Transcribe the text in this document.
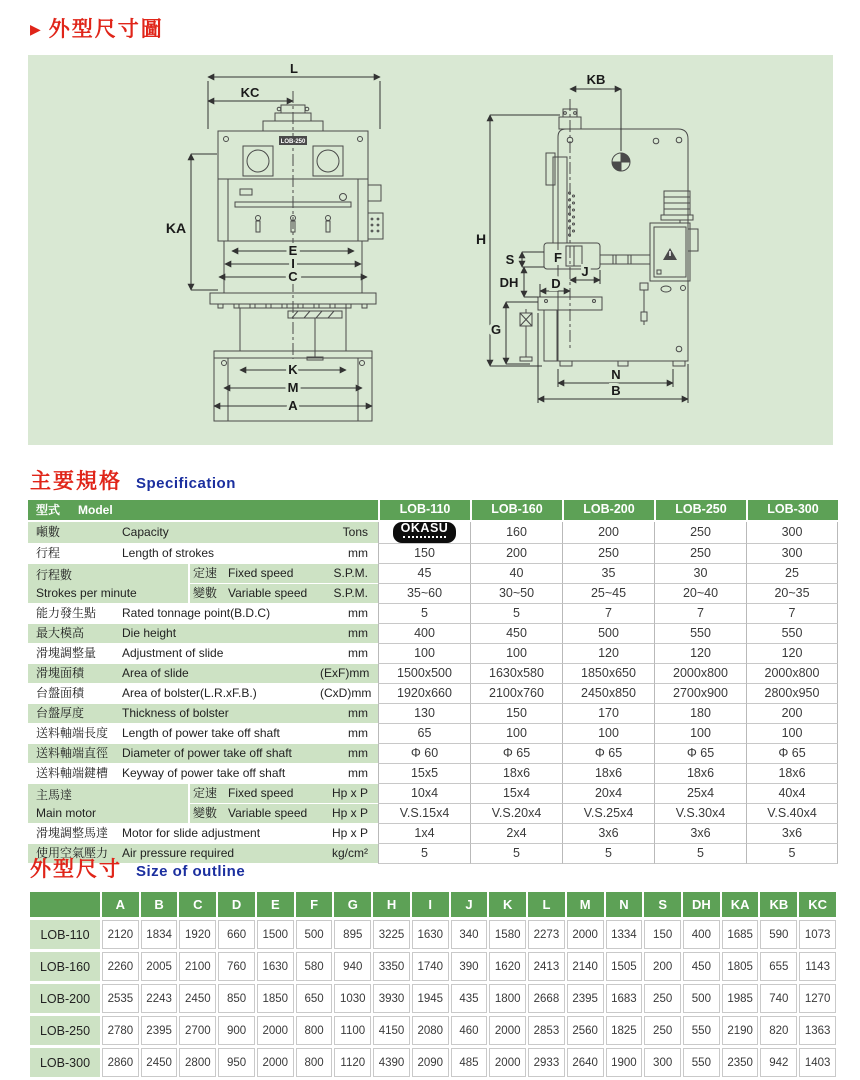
▶ 外型尺寸圖
LOB-250
L
KC
KA
E
I
C
K
M
A
KB
H
S	F
J
DH	D
G
N
B
主要規格 Specification
型式 Model					LOB-110	LOB-160	LOB-200	LOB-250	LOB-300
噸數	Capacity			Tons	OKASU	160	200	250	300
行程	Length of strokes			mm	150	200	250	250	300

行程數
Strokes per minute		定速	Fixed speed	S.P.M.	45	40	35	30	25
		變數	Variable speed	S.P.M.	35~60	30~50	25~45	20~40	20~35
能力發生點	Rated tonnage point(B.D.C)			mm	5	5	7	7	7
最大模高	Die height			mm	400	450	500	550	550
滑塊調整量	Adjustment of slide			mm	100	100	120	120	120
滑塊面積	Area of slide			(ExF)mm	1500x500	1630x580	1850x650	2000x800	2000x800
台盤面積	Area of bolster(L.R.xF.B.)			(CxD)mm	1920x660	2100x760	2450x850	2700x900	2800x950
台盤厚度	Thickness of bolster			mm	130	150	170	180	200
送料軸端長度	Length of power take off shaft			mm	65	100	100	100	100
送料軸端直徑	Diameter of power take off shaft			mm	Φ 60	Φ 65	Φ 65	Φ 65	Φ 65
送料軸端鍵槽	Keyway of power take off shaft			mm	15x5	18x6	18x6	18x6	18x6

主馬達
Main motor		定速	Fixed speed	Hp x P	10x4	15x4	20x4	25x4	40x4
		變數	Variable speed	Hp x P	V.S.15x4	V.S.20x4	V.S.25x4	V.S.30x4	V.S.40x4
滑塊調整馬達	Motor for slide adjustment			Hp x P	1x4	2x4	3x6	3x6	3x6
使用空氣壓力	Air pressure required			kg/cm²	5	5	5	5	5
外型尺寸 Size of outline
	A	B	C	D	E	F	G	H	I	J	K	L	M	N	S	DH	KA	KB	KC
LOB-110	2120	1834	1920	660	1500	500	895	3225	1630	340	1580	2273	2000	1334	150	400	1685	590	1073
LOB-160	2260	2005	2100	760	1630	580	940	3350	1740	390	1620	2413	2140	1505	200	450	1805	655	1143
LOB-200	2535	2243	2450	850	1850	650	1030	3930	1945	435	1800	2668	2395	1683	250	500	1985	740	1270
LOB-250	2780	2395	2700	900	2000	800	1100	4150	2080	460	2000	2853	2560	1825	250	550	2190	820	1363
LOB-300	2860	2450	2800	950	2000	800	1120	4390	2090	485	2000	2933	2640	1900	300	550	2350	942	1403
